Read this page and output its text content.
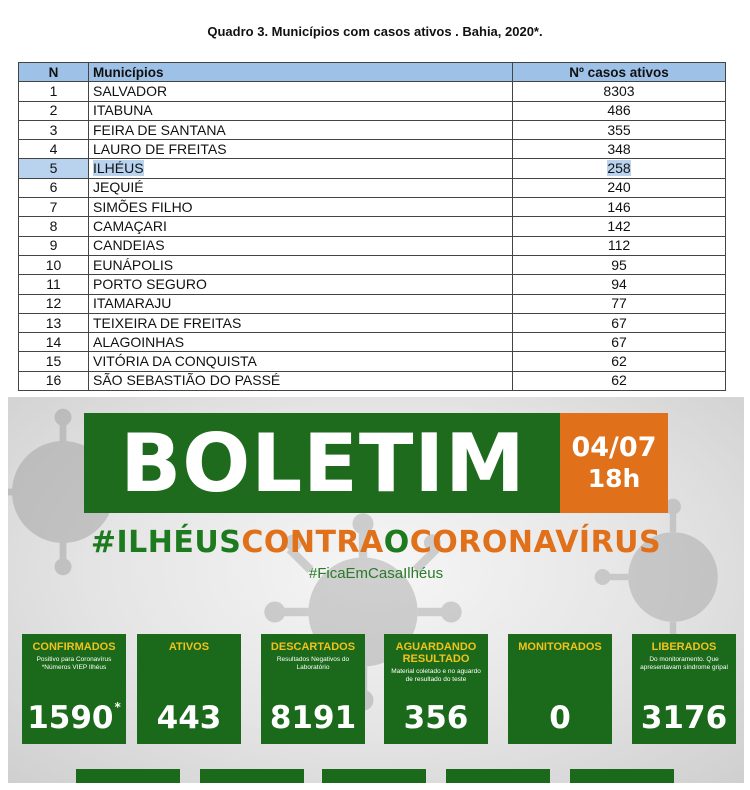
Quadro 3. Municípios com casos ativos . Bahia, 2020*.
N	Municípios	Nº casos ativos
1	SALVADOR	8303
2	ITABUNA	486
3	FEIRA DE SANTANA	355
4	LAURO DE FREITAS	348
5	ILHÉUS	258
6	JEQUIÉ	240
7	SIMÕES FILHO	146
8	CAMAÇARI	142
9	CANDEIAS	112
10	EUNÁPOLIS	95
11	PORTO SEGURO	94
12	ITAMARAJU	77
13	TEIXEIRA DE FREITAS	67
14	ALAGOINHAS	67
15	VITÓRIA DA CONQUISTA	62
16	SÃO SEBASTIÃO DO PASSÉ	62
BOLETIM	04/07
18h
#ILHÉUSCONTRAOCORONAVÍRUS
#FicaEmCasaIlhéus
CONFIRMADOS
Positivo para Coronavírus *Números VIEP Ilhéus
1590*
ATIVOS
443
DESCARTADOS
Resultados Negativos do Laboratório
8191
AGUARDANDO RESULTADO
Material coletado e no aguardo de resultado do teste
356
MONITORADOS
0
LIBERADOS
Do monitoramento. Que apresentavam síndrome gripal
3176
